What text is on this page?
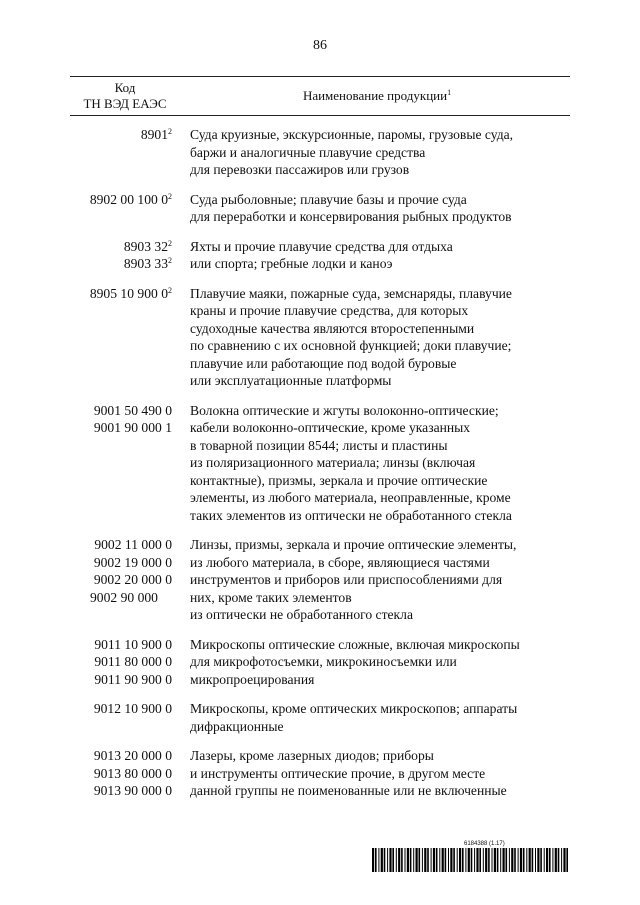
86
Код
ТН ВЭД ЕАЭС
Наименование продукции$^1$
8901$^2$ Суда круизные, экскурсионные, паромы, грузовые суда,
баржи и аналогичные плавучие средства
для перевозки пассажиров или грузов
8902 00 100 $0^2$ Суда рыболовные; плавучие базы и прочие суда
для переработки и консервирования рыбных продуктов
8903 $32^2$
8903 $33^2$
Яхты и прочие плавучие средства для отдыха
или спорта; гребные лодки и каноэ
8905 10 900 $0^2$ Плавучие маяки, пожарные суда, земснаряды, плавучие
краны и прочие плавучие средства, для которых
судоходные качества являются второстепенными
по сравнению с их основной функцией; доки плавучие;
плавучие или работающие под водой буровые
или эксплуатационные платформы
9001 50 490 0
9001 90 000 1
Волокна оптические и жгуты волоконно-оптические;
кабели волоконно-оптические, кроме указанных
в товарной позиции 8544; листы и пластины
из поляризационного материала; линзы (включая
контактные), призмы, зеркала и прочие оптические
элементы, из любого материала, неоправленные, кроме
таких элементов из оптически не обработанного стекла
9002 11 000 0
9002 19 000 0
9002 20 000 0
9002 90 000
Линзы, призмы, зеркала и прочие оптические элементы,
из любого материала, в сборе, являющиеся частями
инструментов и приборов или приспособлениями для
них, кроме таких элементов
из оптически не обработанного стекла
9011 10 900 0
9011 80 000 0
9011 90 900 0
Микроскопы оптические сложные, включая микроскопы
для микрофотосъемки, микрокиносъемки или
микропроецирования
9012 10 900 0 Микроскопы, кроме оптических микроскопов; аппараты
дифракционные
9013 20 000 0
9013 80 000 0
9013 90 000 0
Лазеры, кроме лазерных диодов; приборы
и инструменты оптические прочие, в другом месте
данной группы не поименованные или не включенные
6184388 (1.17)
